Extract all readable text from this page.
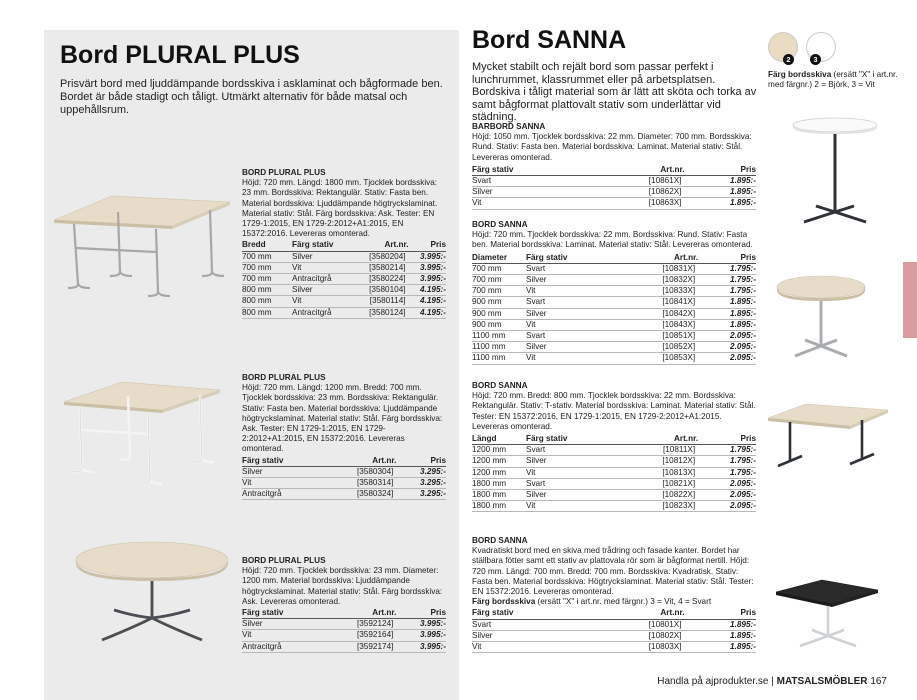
Bord PLURAL PLUS
Prisvärt bord med ljuddämpande bordsskiva i asklaminat och bågformade ben. Bordet är både stadigt och tåligt. Utmärkt alternativ för både matsal och uppehållsrum.
BORD PLURAL PLUS
Höjd: 720 mm. Längd: 1800 mm. Tjocklek bordsskiva: 23 mm. Bordsskiva: Rektangulär. Stativ: Fasta ben. Material bordsskiva: Ljuddämpande högtryckslaminat. Material stativ: Stål. Färg bordsskiva: Ask. Tester: EN 1729-1:2015, EN 1729-2:2012+A1:2015, EN 15372:2016. Levereras omonterad.
Bredd	Färg stativ	Art.nr.	Pris
700 mm	Silver	[3580204]	3.995:-
700 mm	Vit	[3580214]	3.995:-
700 mm	Antracitgrå	[3580224]	3.995:-
800 mm	Silver	[3580104]	4.195:-
800 mm	Vit	[3580114]	4.195:-
800 mm	Antracitgrå	[3580124]	4.195:-
BORD PLURAL PLUS
Höjd: 720 mm. Längd: 1200 mm. Bredd: 700 mm. Tjocklek bordsskiva: 23 mm. Bordsskiva: Rektangulär. Stativ: Fasta ben. Material bordsskiva: Ljuddämpande högtryckslaminat. Material stativ: Stål. Färg bordsskiva: Ask. Tester: EN 1729-1:2015, EN 1729-2:2012+A1:2015, EN 15372:2016. Levereras omonterad.
Färg stativ	Art.nr.	Pris
Silver	[3580304]	3.295:-
Vit	[3580314]	3.295:-
Antracitgrå	[3580324]	3.295:-
BORD PLURAL PLUS
Höjd: 720 mm. Tjocklek bordsskiva: 23 mm. Diameter: 1200 mm. Material bordsskiva: Ljuddämpande högtryckslaminat. Material stativ: Stål. Färg bordsskiva: Ask. Levereras omonterad.
Färg stativ	Art.nr.	Pris
Silver	[3592124]	3.995:-
Vit	[3592164]	3.995:-
Antracitgrå	[3592174]	3.995:-
Bord SANNA
Mycket stabilt och rejält bord som passar perfekt i lunchrummet, klassrummet eller på arbetsplatsen. Bordskiva i tåligt material som är lätt att sköta och torka av samt bågformat plattovalt stativ som underlättar vid städning.
2	3
Färg bordsskiva (ersätt "X" i art.nr. med färgnr.) 2 = Björk, 3 = Vit
BARBORD SANNA
Höjd: 1050 mm. Tjocklek bordsskiva: 22 mm. Diameter: 700 mm. Bordsskiva: Rund. Stativ: Fasta ben. Material bordsskiva: Laminat. Material stativ: Stål. Levereras omonterad.
Färg stativ	Art.nr.	Pris
Svart	[10861X]	1.895:-
Silver	[10862X]	1.895:-
Vit	[10863X]	1.895:-
BORD SANNA
Höjd: 720 mm. Tjocklek bordsskiva: 22 mm. Bordsskiva: Rund. Stativ: Fasta ben. Material bordsskiva: Laminat. Material stativ: Stål. Levereras omonterad.
Diameter	Färg stativ	Art.nr.	Pris
700 mm	Svart	[10831X]	1.795:-
700 mm	Silver	[10832X]	1.795:-
700 mm	Vit	[10833X]	1.795:-
900 mm	Svart	[10841X]	1.895:-
900 mm	Silver	[10842X]	1.895:-
900 mm	Vit	[10843X]	1.895:-
1100 mm	Svart	[10851X]	2.095:-
1100 mm	Silver	[10852X]	2.095:-
1100 mm	Vit	[10853X]	2.095:-
BORD SANNA
Höjd: 720 mm. Bredd: 800 mm. Tjocklek bordsskiva: 22 mm. Bordsskiva: Rektangulär. Stativ: T-stativ. Material bordsskiva: Laminat. Material stativ: Stål. Tester: EN 15372:2016, EN 1729-1:2015, EN 1729-2:2012+A1:2015. Levereras omonterad.
Längd	Färg stativ	Art.nr.	Pris
1200 mm	Svart	[10811X]	1.795:-
1200 mm	Silver	[10812X]	1.795:-
1200 mm	Vit	[10813X]	1.795:-
1800 mm	Svart	[10821X]	2.095:-
1800 mm	Silver	[10822X]	2.095:-
1800 mm	Vit	[10823X]	2.095:-
BORD SANNA
Kvadratiskt bord med en skiva med trådring och fasade kanter. Bordet har ställbara fötter samt ett stativ av plattovala rör som är bågformat nertill. Höjd: 720 mm. Längd: 700 mm. Bredd: 700 mm. Bordsskiva: Kvadratisk. Stativ: Fasta ben. Material bordsskiva: Högtryckslaminat. Material stativ: Stål. Tester: EN 15372:2016. Levereras omonterad.
Färg bordsskiva (ersätt "X" i art.nr. med färgnr.) 3 = Vit, 4 = Svart
Färg stativ	Art.nr.	Pris
Svart	[10801X]	1.895:-
Silver	[10802X]	1.895:-
Vit	[10803X]	1.895:-
Handla på ajprodukter.se | MATSALSMÖBLER 167
